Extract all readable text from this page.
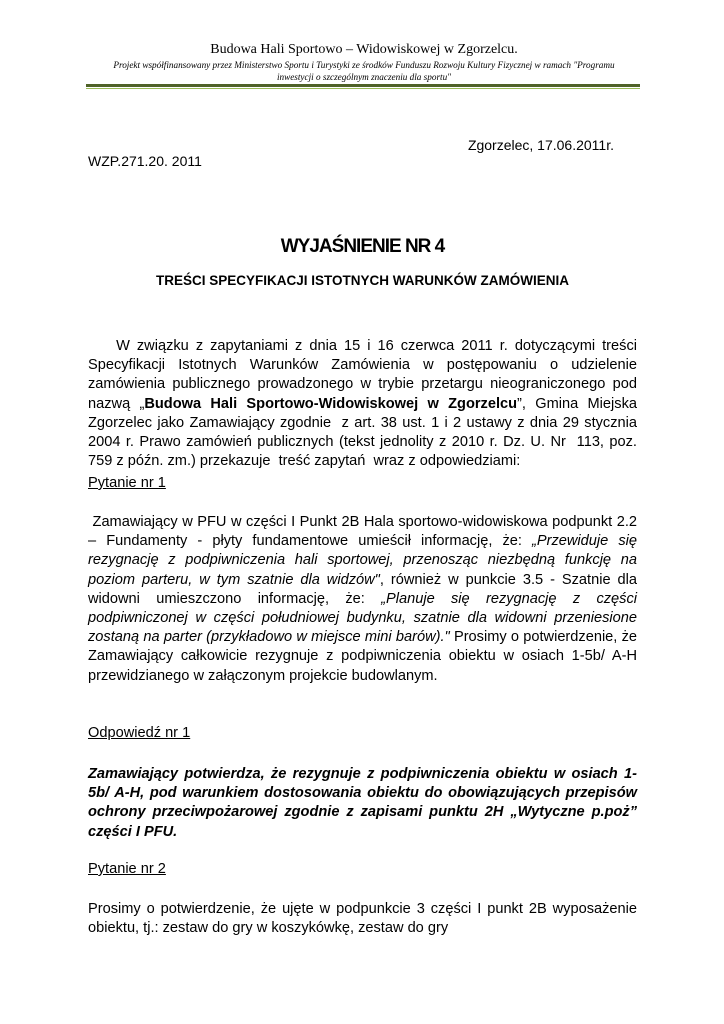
Budowa Hali Sportowo – Widowiskowej w Zgorzelcu.
Projekt współfinansowany przez Ministerstwo Sportu i Turystyki ze środków Funduszu Rozwoju Kultury Fizycznej w ramach "Programu
inwestycji o szczególnym znaczeniu dla sportu"
Zgorzelec, 17.06.2011r.
WZP.271.20. 2011
WYJAŚNIENIE NR 4
TREŚCI SPECYFIKACJI ISTOTNYCH WARUNKÓW ZAMÓWIENIA
W związku z zapytaniami z dnia 15 i 16 czerwca 2011 r. dotyczącymi treści Specyfikacji Istotnych Warunków Zamówienia w postępowaniu o udzielenie zamówienia publicznego prowadzonego w trybie przetargu nieograniczonego pod nazwą „Budowa Hali Sportowo-Widowiskowej w Zgorzelcu”, Gmina Miejska Zgorzelec jako Zamawiający zgodnie  z art. 38 ust. 1 i 2 ustawy z dnia 29 stycznia 2004 r. Prawo zamówień publicznych (tekst jednolity z 2010 r. Dz. U. Nr  113, poz. 759 z późn. zm.) przekazuje  treść zapytań  wraz z odpowiedziami:
Pytanie nr 1
Zamawiający w PFU w części I Punkt 2B Hala sportowo-widowiskowa podpunkt 2.2 – Fundamenty - płyty fundamentowe umieścił informację, że: „Przewiduje się rezygnację z podpiwniczenia hali sportowej, przenosząc niezbędną funkcję na poziom parteru, w tym szatnie dla widzów", również w punkcie 3.5 - Szatnie dla widowni umieszczono informację, że: „Planuje się rezygnację z części podpiwniczonej w części południowej budynku, szatnie dla widowni przeniesione zostaną na parter (przykładowo w miejsce mini barów)." Prosimy o potwierdzenie, że Zamawiający całkowicie rezygnuje z podpiwniczenia obiektu w osiach 1-5b/ A-H przewidzianego w załączonym projekcie budowlanym.
Odpowiedź nr 1
Zamawiający potwierdza, że rezygnuje z podpiwniczenia obiektu w osiach 1-5b/ A-H, pod warunkiem dostosowania obiektu do obowiązujących przepisów ochrony przeciwpożarowej zgodnie z zapisami punktu 2H „Wytyczne p.poż” części I PFU.
Pytanie nr 2
Prosimy o potwierdzenie, że ujęte w podpunkcie 3 części I punkt 2B wyposażenie obiektu, tj.: zestaw do gry w koszykówkę, zestaw do gry
